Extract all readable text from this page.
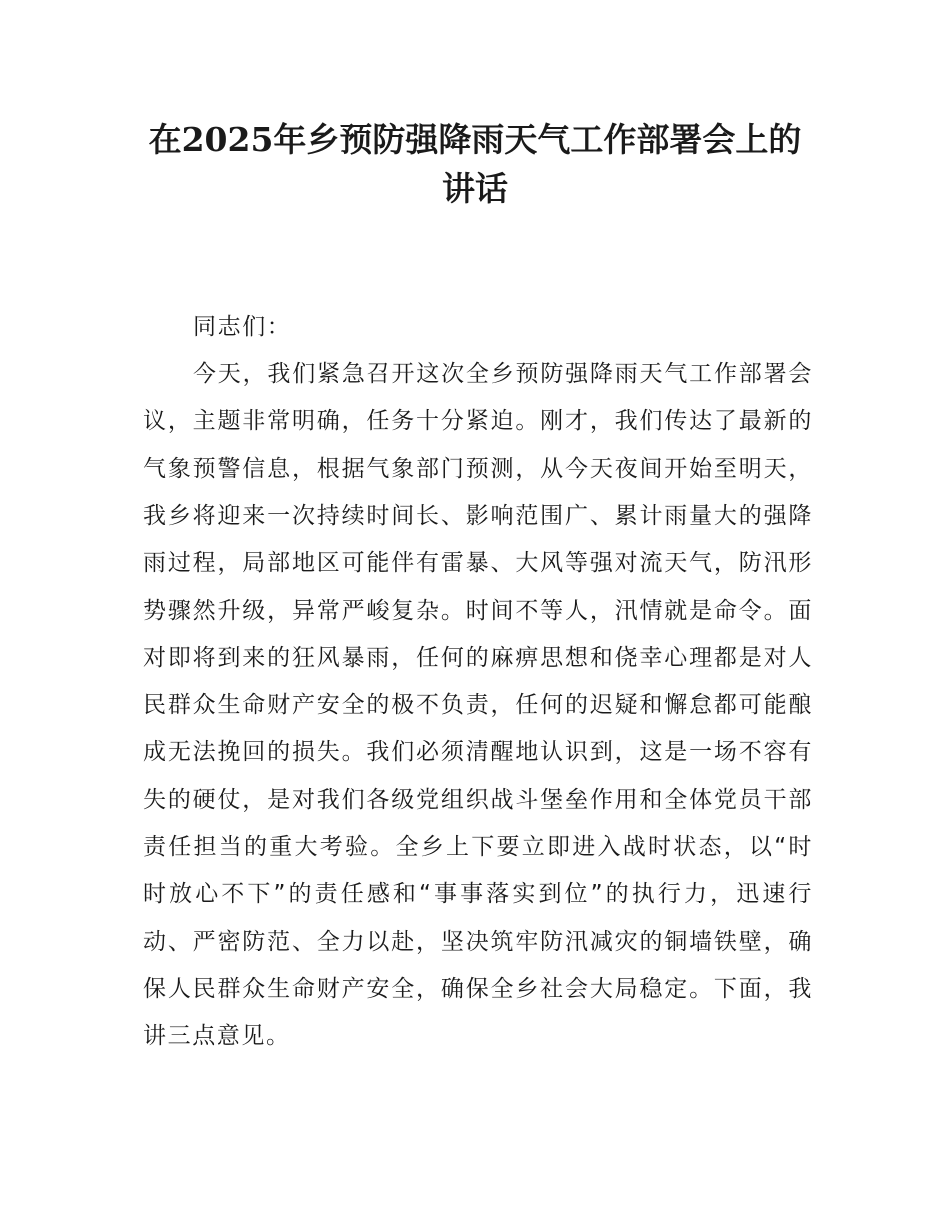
在2025年乡预防强降雨天气工作部署会上的
讲话

同志们：

今天，我们紧急召开这次全乡预防强降雨天气工作部署会

议，主题非常明确，任务十分紧迫。刚才，我们传达了最新的

气象预警信息，根据气象部门预测，从今天夜间开始至明天，

我乡将迎来一次持续时间长、影响范围广、累计雨量大的强降

雨过程，局部地区可能伴有雷暴、大风等强对流天气，防汛形

势骤然升级，异常严峻复杂。时间不等人，汛情就是命令。面

对即将到来的狂风暴雨，任何的麻痹思想和侥幸心理都是对人

民群众生命财产安全的极不负责，任何的迟疑和懈怠都可能酿

成无法挽回的损失。我们必须清醒地认识到，这是一场不容有

失的硬仗，是对我们各级党组织战斗堡垒作用和全体党员干部

责任担当的重大考验。全乡上下要立即进入战时状态，以“时

时放心不下”的责任感和“事事落实到位”的执行力，迅速行

动、严密防范、全力以赴，坚决筑牢防汛减灾的铜墙铁壁，确

保人民群众生命财产安全，确保全乡社会大局稳定。下面，我

讲三点意见。
